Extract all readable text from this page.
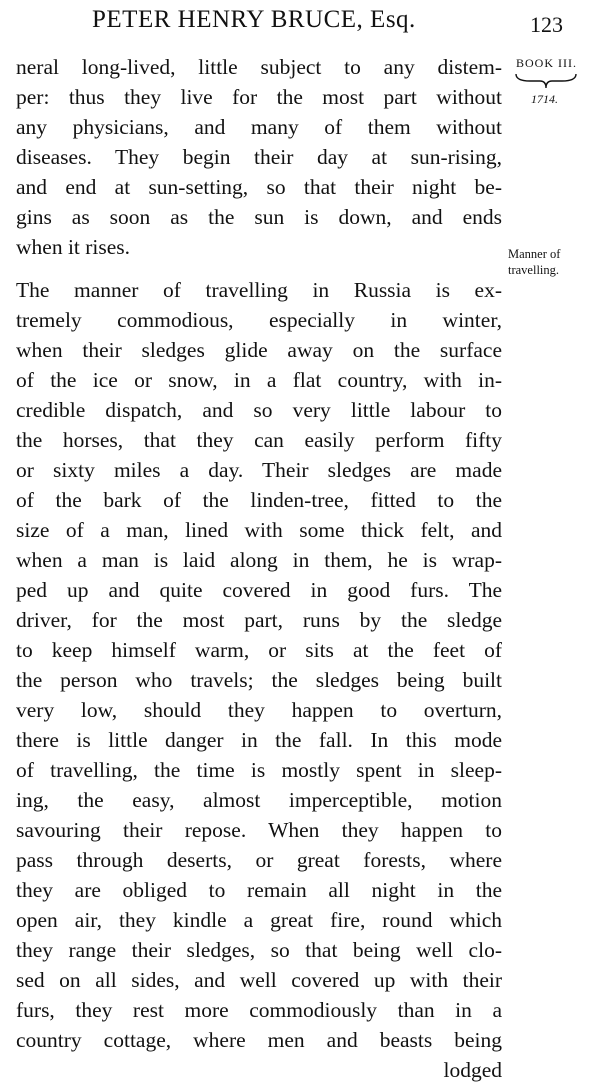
PETER HENRY BRUCE, Esq.	123
neral long-lived, little subject to any distem-
per: thus they live for the most part without
any physicians, and many of them without
diseases. They begin their day at sun-rising,
and end at sun-setting, so that their night be-
gins as soon as the sun is down, and ends
when it rises.
The manner of travelling in Russia is ex-
tremely commodious, especially in winter,
when their sledges glide away on the surface
of the ice or snow, in a flat country, with in-
credible dispatch, and so very little labour to
the horses, that they can easily perform fifty
or sixty miles a day. Their sledges are made
of the bark of the linden-tree, fitted to the
size of a man, lined with some thick felt, and
when a man is laid along in them, he is wrap-
ped up and quite covered in good furs. The
driver, for the most part, runs by the sledge
to keep himself warm, or sits at the feet of
the person who travels; the sledges being built
very low, should they happen to overturn,
there is little danger in the fall. In this mode
of travelling, the time is mostly spent in sleep-
ing, the easy, almost imperceptible, motion
savouring their repose. When they happen to
pass through deserts, or great forests, where
they are obliged to remain all night in the
open air, they kindle a great fire, round which
they range their sledges, so that being well clo-
sed on all sides, and well covered up with their
furs, they rest more commodiously than in a
country cottage, where men and beasts being
lodged
BOOK III.
1714.
Manner of
travelling.
